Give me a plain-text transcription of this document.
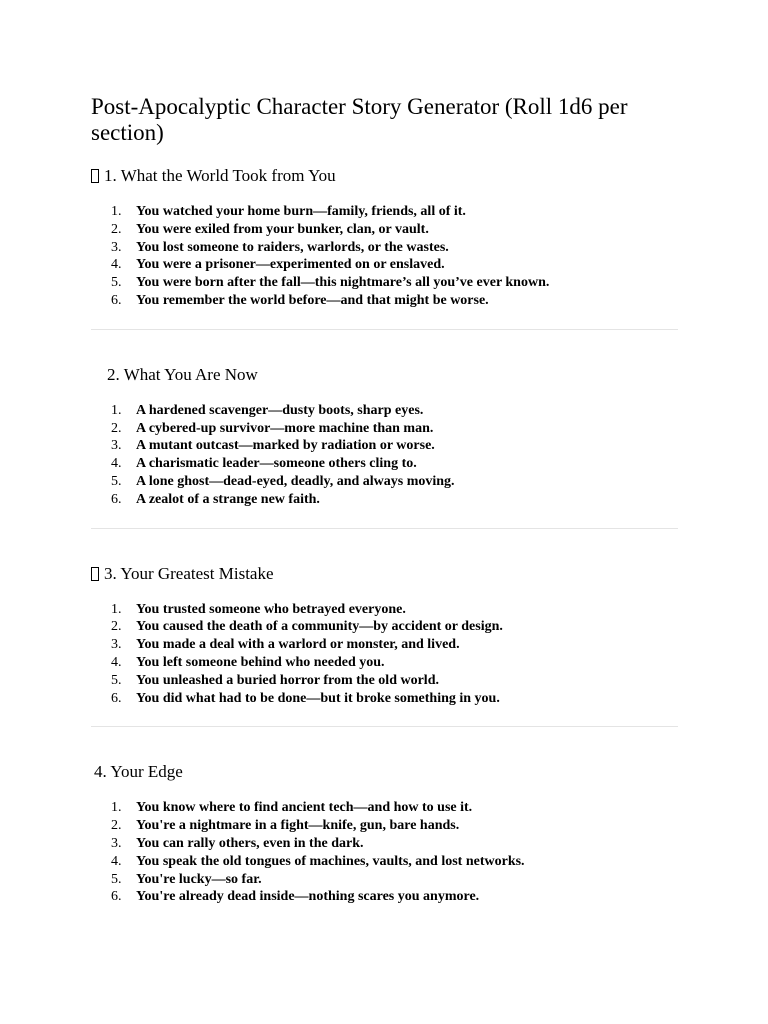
Post-Apocalyptic Character Story Generator (Roll 1d6 per section)
1. What the World Took from You
1.	You watched your home burn—family, friends, all of it.
2.	You were exiled from your bunker, clan, or vault.
3.	You lost someone to raiders, warlords, or the wastes.
4.	You were a prisoner—experimented on or enslaved.
5.	You were born after the fall—this nightmare’s all you’ve ever known.
6.	You remember the world before—and that might be worse.
2. What You Are Now
1.	A hardened scavenger—dusty boots, sharp eyes.
2.	A cybered-up survivor—more machine than man.
3.	A mutant outcast—marked by radiation or worse.
4.	A charismatic leader—someone others cling to.
5.	A lone ghost—dead-eyed, deadly, and always moving.
6.	A zealot of a strange new faith.
3. Your Greatest Mistake
1.	You trusted someone who betrayed everyone.
2.	You caused the death of a community—by accident or design.
3.	You made a deal with a warlord or monster, and lived.
4.	You left someone behind who needed you.
5.	You unleashed a buried horror from the old world.
6.	You did what had to be done—but it broke something in you.
4. Your Edge
1.	You know where to find ancient tech—and how to use it.
2.	You're a nightmare in a fight—knife, gun, bare hands.
3.	You can rally others, even in the dark.
4.	You speak the old tongues of machines, vaults, and lost networks.
5.	You're lucky—so far.
6.	You're already dead inside—nothing scares you anymore.
